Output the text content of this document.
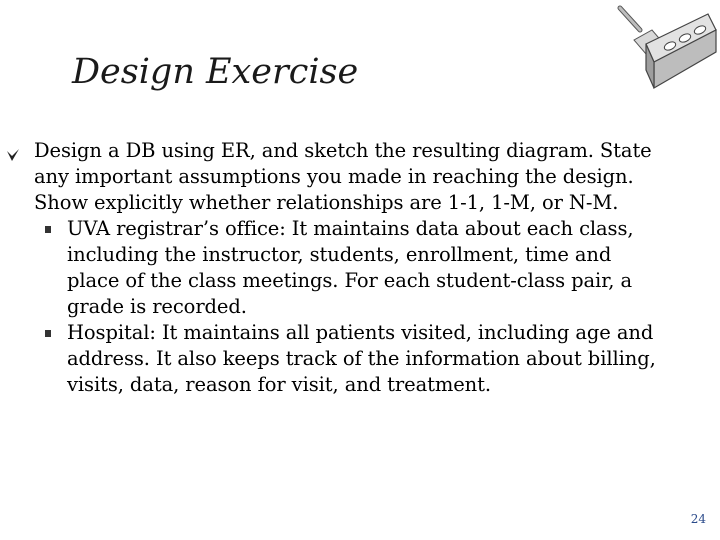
Design Exercise
Design a DB using ER, and sketch the resulting diagram. State
any important assumptions you made in reaching the design.
Show explicitly whether relationships are 1-1, 1-M, or N-M.
UVA registrar’s office: It maintains data about each class,
including the instructor, students, enrollment, time and
place of the class meetings. For each student-class pair, a
grade is recorded.
Hospital: It maintains all patients visited, including age and
address. It also keeps track of the information about billing,
visits, data, reason for visit, and treatment.
24
